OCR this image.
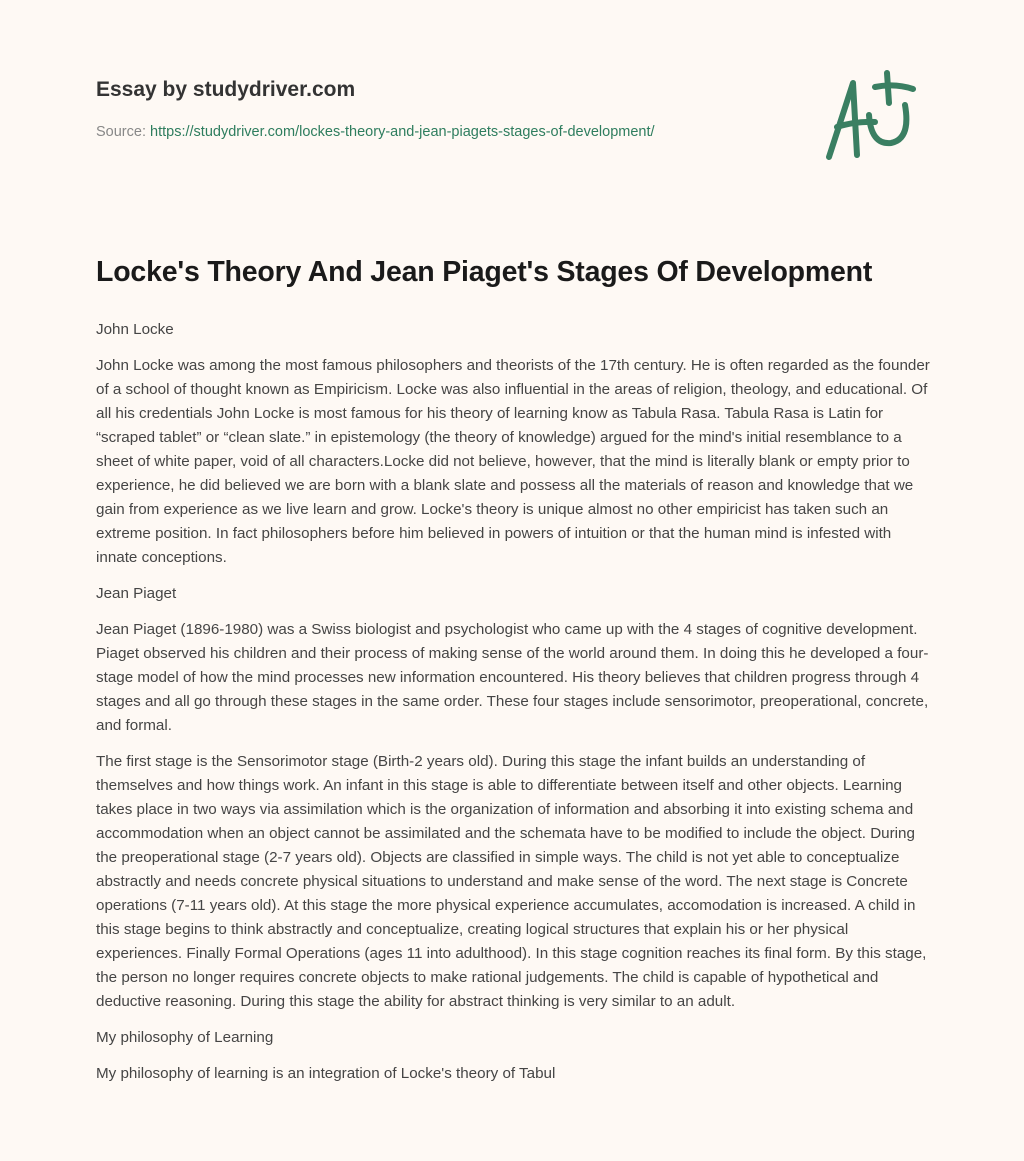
Essay by studydriver.com
Source: https://studydriver.com/lockes-theory-and-jean-piagets-stages-of-development/
Locke's Theory And Jean Piaget's Stages Of Development

John Locke

John Locke was among the most famous philosophers and theorists of the 17th century. He is often regarded as the founder of a school of thought known as Empiricism. Locke was also influential in the areas of religion, theology, and educational. Of all his credentials John Locke is most famous for his theory of learning know as Tabula Rasa. Tabula Rasa is Latin for “scraped tablet” or “clean slate.” in epistemology (the theory of knowledge) argued for the mind's initial resemblance to a sheet of white paper, void of all characters.Locke did not believe, however, that the mind is literally blank or empty prior to experience, he did believed we are born with a blank slate and possess all the materials of reason and knowledge that we gain from experience as we live learn and grow. Locke's theory is unique almost no other empiricist has taken such an extreme position. In fact philosophers before him believed in powers of intuition or that the human mind is infested with innate conceptions.

Jean Piaget

Jean Piaget (1896-1980) was a Swiss biologist and psychologist who came up with the 4 stages of cognitive development. Piaget observed his children and their process of making sense of the world around them. In doing this he developed a four-stage model of how the mind processes new information encountered. His theory believes that children progress through 4 stages and all go through these stages in the same order. These four stages include sensorimotor, preoperational, concrete, and formal.

The first stage is the Sensorimotor stage (Birth-2 years old). During this stage the infant builds an understanding of themselves and how things work. An infant in this stage is able to differentiate between itself and other objects. Learning takes place in two ways via assimilation which is the organization of information and absorbing it into existing schema and accommodation when an object cannot be assimilated and the schemata have to be modified to include the object. During the preoperational stage (2-7 years old). Objects are classified in simple ways. The child is not yet able to conceptualize abstractly and needs concrete physical situations to understand and make sense of the word. The next stage is Concrete operations (7-11 years old). At this stage the more physical experience accumulates, accomodation is increased. A child in this stage begins to think abstractly and conceptualize, creating logical structures that explain his or her physical experiences. Finally Formal Operations (ages 11 into adulthood). In this stage cognition reaches its final form. By this stage, the person no longer requires concrete objects to make rational judgements. The child is capable of hypothetical and deductive reasoning. During this stage the ability for abstract thinking is very similar to an adult.

My philosophy of Learning

My philosophy of learning is an integration of Locke's theory of Tabul
